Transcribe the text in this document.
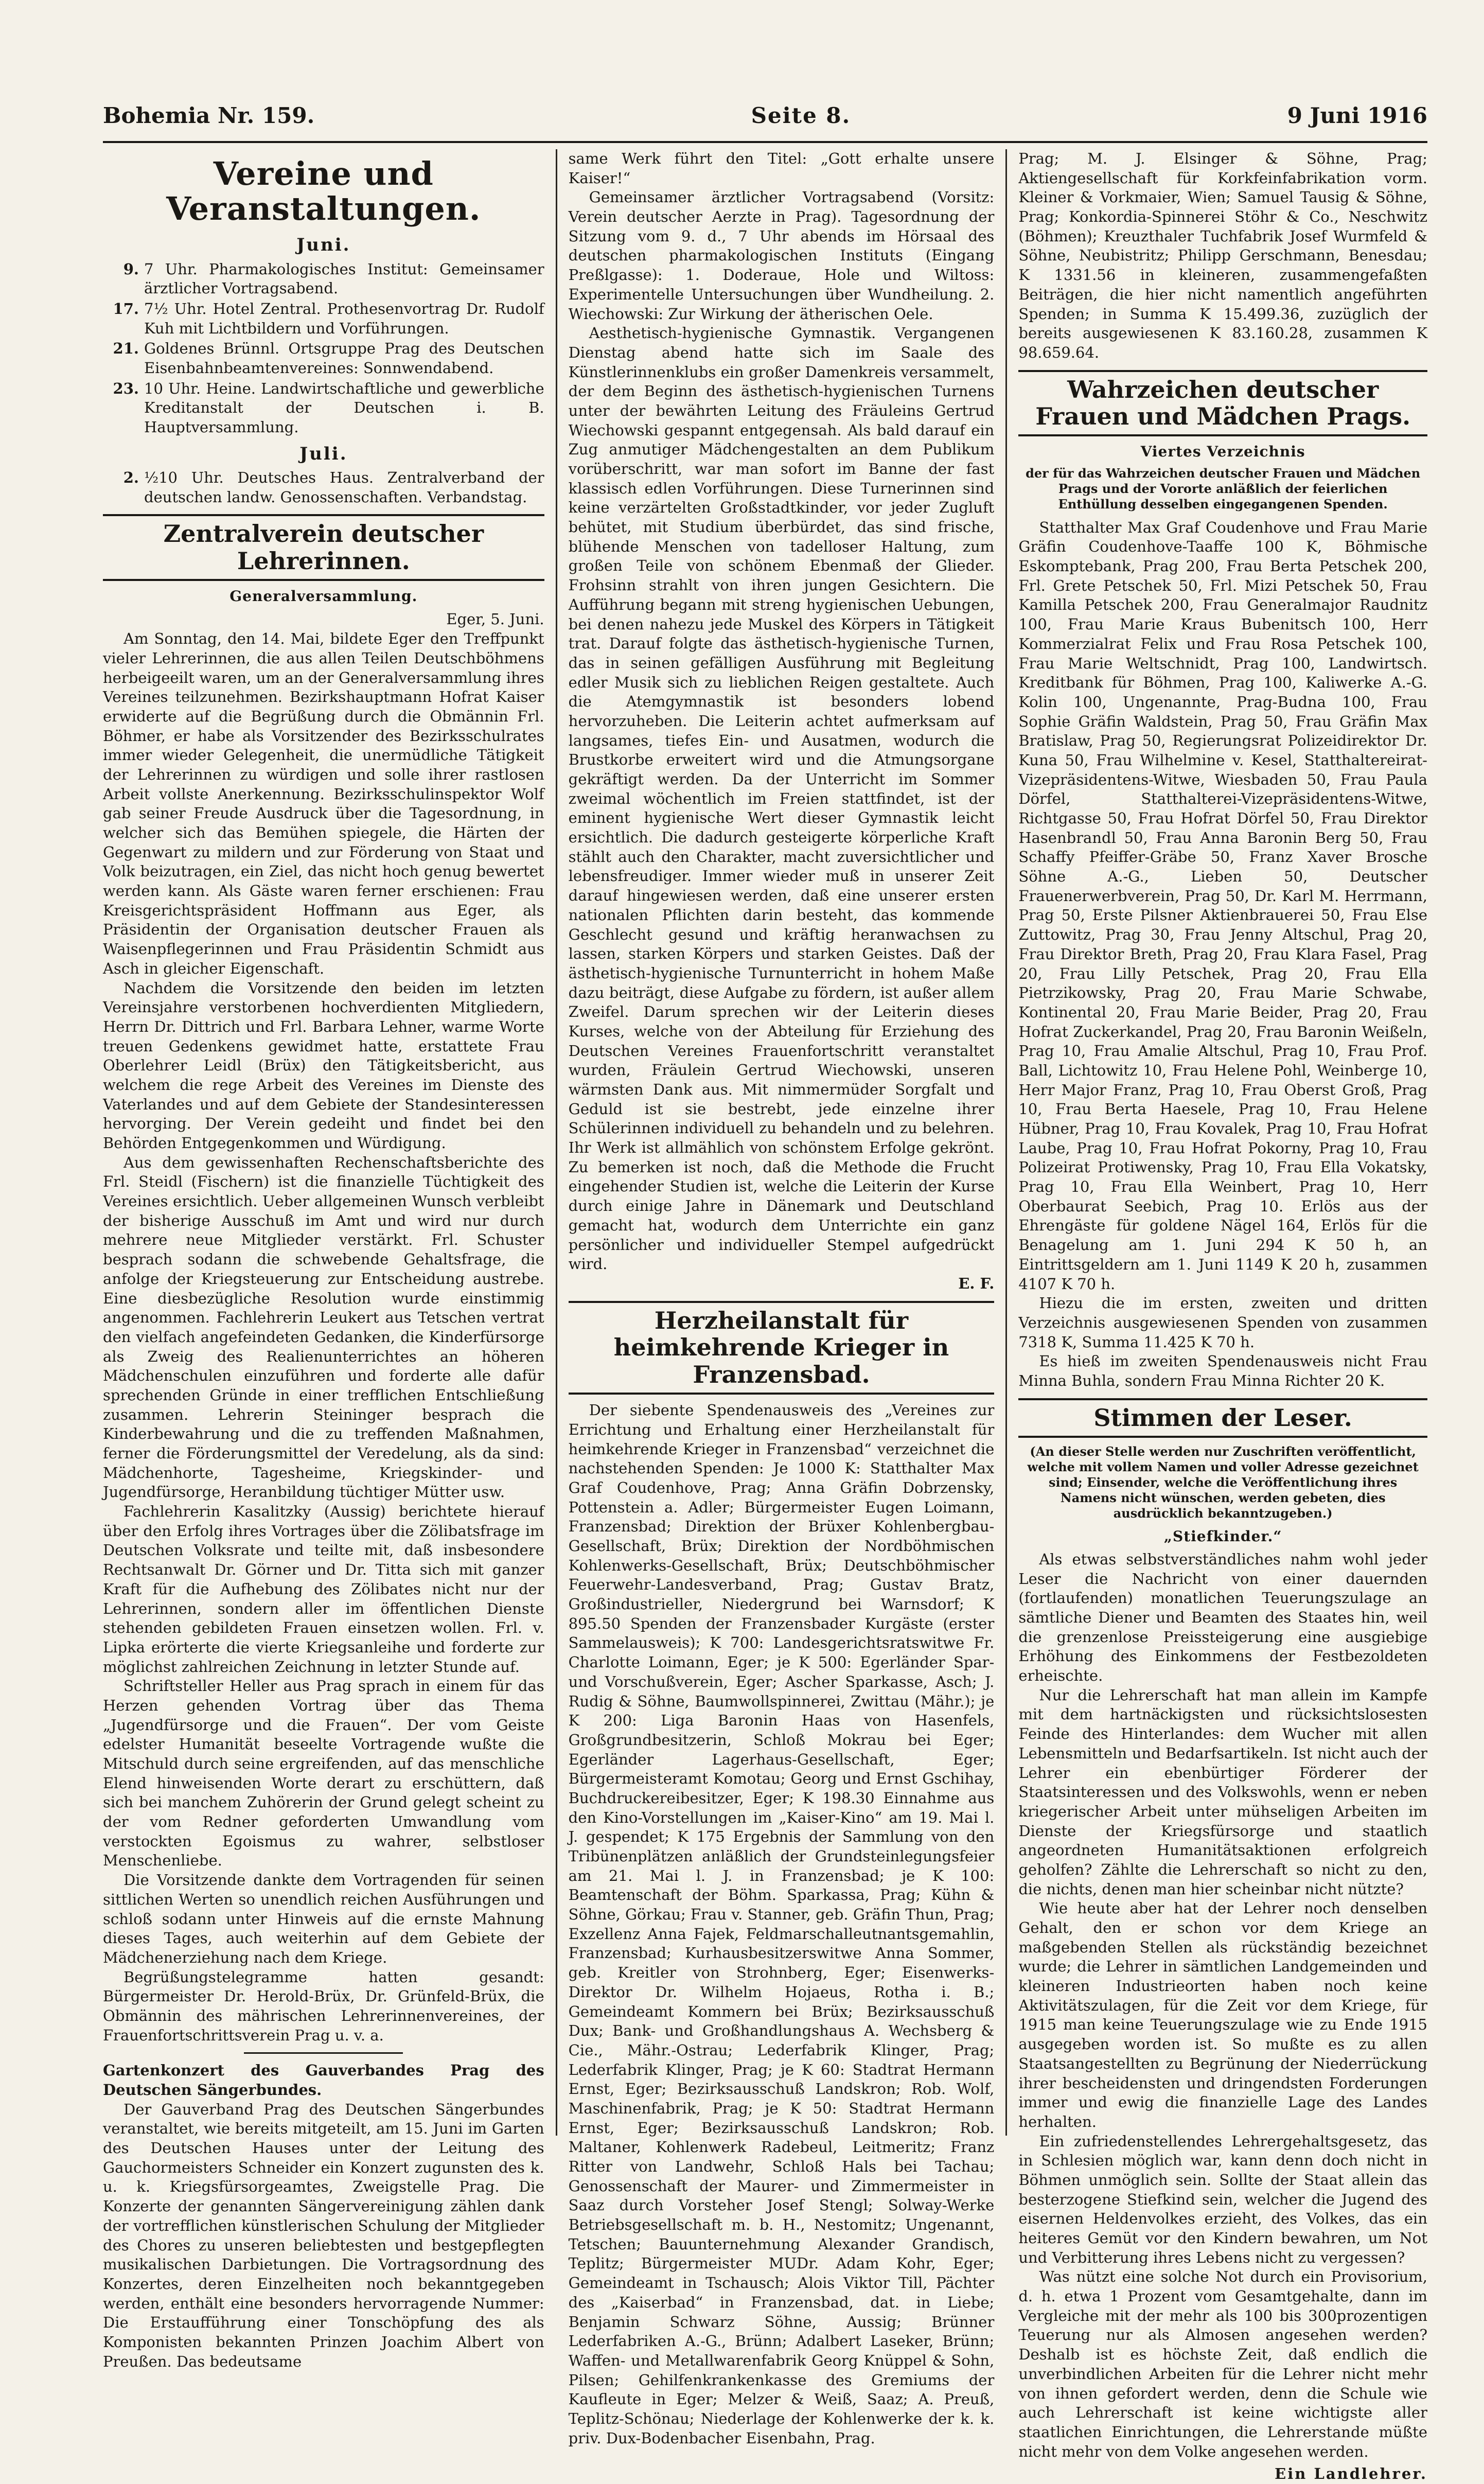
Bohemia Nr. 159.	Seite 8.	9 Juni 1916
Vereine und Veranstaltungen.
Juni.
9. 7 Uhr. Pharmakologisches Institut: Gemeinsamer ärztlicher Vortragsabend.
17. 7½ Uhr. Hotel Zentral. Prothesenvortrag Dr. Rudolf Kuh mit Lichtbildern und Vorführungen.
21. Goldenes Brünnl. Ortsgruppe Prag des Deutschen Eisenbahnbeamtenvereines: Sonnwendabend.
23. 10 Uhr. Heine. Landwirtschaftliche und gewerbliche Kreditanstalt der Deutschen i. B. Hauptversammlung.
Juli.
2. ½10 Uhr. Deutsches Haus. Zentralverband der deutschen landw. Genossenschaften. Verbandstag.
Zentralverein deutscher Lehrerinnen.
Generalversammlung.
Eger, 5. Juni.

Am Sonntag, den 14. Mai, bildete Eger den Treffpunkt vieler Lehrerinnen, die aus allen Teilen Deutschböhmens herbeigeeilt waren, um an der Generalversammlung ihres Vereines teilzunehmen. Bezirkshauptmann Hofrat Kaiser erwiderte auf die Begrüßung durch die Obmännin Frl. Böhmer, er habe als Vorsitzender des Bezirksschulrates immer wieder Gelegenheit, die unermüdliche Tätigkeit der Lehrerinnen zu würdigen und solle ihrer rastlosen Arbeit vollste Anerkennung. Bezirksschulinspektor Wolf gab seiner Freude Ausdruck über die Tagesordnung, in welcher sich das Bemühen spiegele, die Härten der Gegenwart zu mildern und zur Förderung von Staat und Volk beizutragen, ein Ziel, das nicht hoch genug bewertet werden kann. Als Gäste waren ferner erschienen: Frau Kreisgerichtspräsident Hoffmann aus Eger, als Präsidentin der Organisation deutscher Frauen als Waisenpflegerinnen und Frau Präsidentin Schmidt aus Asch in gleicher Eigenschaft.

Nachdem die Vorsitzende den beiden im letzten Vereinsjahre verstorbenen hochverdienten Mitgliedern, Herrn Dr. Dittrich und Frl. Barbara Lehner, warme Worte treuen Gedenkens gewidmet hatte, erstattete Frau Oberlehrer Leidl (Brüx) den Tätigkeitsbericht, aus welchem die rege Arbeit des Vereines im Dienste des Vaterlandes und auf dem Gebiete der Standesinteressen hervorging. Der Verein gedeiht und findet bei den Behörden Entgegenkommen und Würdigung.

Aus dem gewissenhaften Rechenschaftsberichte des Frl. Steidl (Fischern) ist die finanzielle Tüchtigkeit des Vereines ersichtlich. Ueber allgemeinen Wunsch verbleibt der bisherige Ausschuß im Amt und wird nur durch mehrere neue Mitglieder verstärkt. Frl. Schuster besprach sodann die schwebende Gehaltsfrage, die anfolge der Kriegsteuerung zur Entscheidung austrebe. Eine diesbezügliche Resolution wurde einstimmig angenommen. Fachlehrerin Leukert aus Tetschen vertrat den vielfach angefeindeten Gedanken, die Kinderfürsorge als Zweig des Realienunterrichtes an höheren Mädchenschulen einzuführen und forderte alle dafür sprechenden Gründe in einer trefflichen Entschließung zusammen. Lehrerin Steininger besprach die Kinderbewahrung und die zu treffenden Maßnahmen, ferner die Förderungsmittel der Veredelung, als da sind: Mädchenhorte, Tagesheime, Kriegskinder- und Jugendfürsorge, Heranbildung tüchtiger Mütter usw.

Fachlehrerin Kasalitzky (Aussig) berichtete hierauf über den Erfolg ihres Vortrages über die Zölibatsfrage im Deutschen Volksrate und teilte mit, daß insbesondere Rechtsanwalt Dr. Görner und Dr. Titta sich mit ganzer Kraft für die Aufhebung des Zölibates nicht nur der Lehrerinnen, sondern aller im öffentlichen Dienste stehenden gebildeten Frauen einsetzen wollen. Frl. v. Lipka erörterte die vierte Kriegsanleihe und forderte zur möglichst zahlreichen Zeichnung in letzter Stunde auf.

Schriftsteller Heller aus Prag sprach in einem für das Herzen gehenden Vortrag über das Thema „Jugendfürsorge und die Frauen“. Der vom Geiste edelster Humanität beseelte Vortragende wußte die Mitschuld durch seine ergreifenden, auf das menschliche Elend hinweisenden Worte derart zu erschüttern, daß sich bei manchem Zuhörerin der Grund gelegt scheint zu der vom Redner geforderten Umwandlung vom verstockten Egoismus zu wahrer, selbstloser Menschenliebe.

Die Vorsitzende dankte dem Vortragenden für seinen sittlichen Werten so unendlich reichen Ausführungen und schloß sodann unter Hinweis auf die ernste Mahnung dieses Tages, auch weiterhin auf dem Gebiete der Mädchenerziehung nach dem Kriege.

Begrüßungstelegramme hatten gesandt: Bürgermeister Dr. Herold-Brüx, Dr. Grünfeld-Brüx, die Obmännin des mährischen Lehrerinnenvereines, der Frauenfortschrittsverein Prag u. v. a.

Gartenkonzert des Gauverbandes Prag des Deutschen Sängerbundes.

Der Gauverband Prag des Deutschen Sängerbundes veranstaltet, wie bereits mitgeteilt, am 15. Juni im Garten des Deutschen Hauses unter der Leitung des Gauchormeisters Schneider ein Konzert zugunsten des k. u. k. Kriegsfürsorgeamtes, Zweigstelle Prag. Die Konzerte der genannten Sängervereinigung zählen dank der vortrefflichen künstlerischen Schulung der Mitglieder des Chores zu unseren beliebtesten und bestgepflegten musikalischen Darbietungen. Die Vortragsordnung des Konzertes, deren Einzelheiten noch bekanntgegeben werden, enthält eine besonders hervorragende Nummer: Die Erstaufführung einer Tonschöpfung des als Komponisten bekannten Prinzen Joachim Albert von Preußen. Das bedeutsame

same Werk führt den Titel: „Gott erhalte unsere Kaiser!“

Gemeinsamer ärztlicher Vortragsabend (Vorsitz: Verein deutscher Aerzte in Prag). Tagesordnung der Sitzung vom 9. d., 7 Uhr abends im Hörsaal des deutschen pharmakologischen Instituts (Eingang Preßlgasse): 1. Doderaue, Hole und Wiltoss: Experimentelle Untersuchungen über Wundheilung. 2. Wiechowski: Zur Wirkung der ätherischen Oele.

Aesthetisch-hygienische Gymnastik. Vergangenen Dienstag abend hatte sich im Saale des Künstlerinnenklubs ein großer Damenkreis versammelt, der dem Beginn des ästhetisch-hygienischen Turnens unter der bewährten Leitung des Fräuleins Gertrud Wiechowski gespannt entgegensah. Als bald darauf ein Zug anmutiger Mädchengestalten an dem Publikum vorüberschritt, war man sofort im Banne der fast klassisch edlen Vorführungen. Diese Turnerinnen sind keine verzärtelten Großstadtkinder, vor jeder Zugluft behütet, mit Studium überbürdet, das sind frische, blühende Menschen von tadelloser Haltung, zum großen Teile von schönem Ebenmaß der Glieder. Frohsinn strahlt von ihren jungen Gesichtern. Die Aufführung begann mit streng hygienischen Uebungen, bei denen nahezu jede Muskel des Körpers in Tätigkeit trat. Darauf folgte das ästhetisch-hygienische Turnen, das in seinen gefälligen Ausführung mit Begleitung edler Musik sich zu lieblichen Reigen gestaltete. Auch die Atemgymnastik ist besonders lobend hervorzuheben. Die Leiterin achtet aufmerksam auf langsames, tiefes Ein- und Ausatmen, wodurch die Brustkorbe erweitert wird und die Atmungsorgane gekräftigt werden. Da der Unterricht im Sommer zweimal wöchentlich im Freien stattfindet, ist der eminent hygienische Wert dieser Gymnastik leicht ersichtlich. Die dadurch gesteigerte körperliche Kraft stählt auch den Charakter, macht zuversichtlicher und lebensfreudiger. Immer wieder muß in unserer Zeit darauf hingewiesen werden, daß eine unserer ersten nationalen Pflichten darin besteht, das kommende Geschlecht gesund und kräftig heranwachsen zu lassen, starken Körpers und starken Geistes. Daß der ästhetisch-hygienische Turnunterricht in hohem Maße dazu beiträgt, diese Aufgabe zu fördern, ist außer allem Zweifel. Darum sprechen wir der Leiterin dieses Kurses, welche von der Abteilung für Erziehung des Deutschen Vereines Frauenfortschritt veranstaltet wurden, Fräulein Gertrud Wiechowski, unseren wärmsten Dank aus. Mit nimmermüder Sorgfalt und Geduld ist sie bestrebt, jede einzelne ihrer Schülerinnen individuell zu behandeln und zu belehren. Ihr Werk ist allmählich von schönstem Erfolge gekrönt. Zu bemerken ist noch, daß die Methode die Frucht eingehender Studien ist, welche die Leiterin der Kurse durch einige Jahre in Dänemark und Deutschland gemacht hat, wodurch dem Unterrichte ein ganz persönlicher und individueller Stempel aufgedrückt wird.

E. F.
Herzheilanstalt für heimkehrende Krieger in Franzensbad.

Der siebente Spendenausweis des „Vereines zur Errichtung und Erhaltung einer Herzheilanstalt für heimkehrende Krieger in Franzensbad“ verzeichnet die nachstehenden Spenden: Je 1000 K: Statthalter Max Graf Coudenhove, Prag; Anna Gräfin Dobrzensky, Pottenstein a. Adler; Bürgermeister Eugen Loimann, Franzensbad; Direktion der Brüxer Kohlenbergbau-Gesellschaft, Brüx; Direktion der Nordböhmischen Kohlenwerks-Gesellschaft, Brüx; Deutschböhmischer Feuerwehr-Landesverband, Prag; Gustav Bratz, Großindustrieller, Niedergrund bei Warnsdorf; K 895.50 Spenden der Franzensbader Kurgäste (erster Sammelausweis); K 700: Landesgerichtsratswitwe Fr. Charlotte Loimann, Eger; je K 500: Egerländer Spar- und Vorschußverein, Eger; Ascher Sparkasse, Asch; J. Rudig & Söhne, Baumwollspinnerei, Zwittau (Mähr.); je K 200: Liga Baronin Haas von Hasenfels, Großgrundbesitzerin, Schloß Mokrau bei Eger; Egerländer Lagerhaus-Gesellschaft, Eger; Bürgermeisteramt Komotau; Georg und Ernst Gschihay, Buchdruckereibesitzer, Eger; K 198.30 Einnahme aus den Kino-Vorstellungen im „Kaiser-Kino“ am 19. Mai l. J. gespendet; K 175 Ergebnis der Sammlung von den Tribünenplätzen anläßlich der Grundsteinlegungsfeier am 21. Mai l. J. in Franzensbad; je K 100: Beamtenschaft der Böhm. Sparkassa, Prag; Kühn & Söhne, Görkau; Frau v. Stanner, geb. Gräfin Thun, Prag; Exzellenz Anna Fajek, Feldmarschalleutnantsgemahlin, Franzensbad; Kurhausbesitzerswitwe Anna Sommer, geb. Kreitler von Strohnberg, Eger; Eisenwerks-Direktor Dr. Wilhelm Hojaeus, Rotha i. B.; Gemeindeamt Kommern bei Brüx; Bezirksausschuß Dux; Bank- und Großhandlungshaus A. Wechsberg & Cie., Mähr.-Ostrau; Lederfabrik Klinger, Prag; Lederfabrik Klinger, Prag; je K 60: Stadtrat Hermann Ernst, Eger; Bezirksausschuß Landskron; Rob. Wolf, Maschinenfabrik, Prag; je K 50: Stadtrat Hermann Ernst, Eger; Bezirksausschuß Landskron; Rob. Maltaner, Kohlenwerk Radebeul, Leitmeritz; Franz Ritter von Landwehr, Schloß Hals bei Tachau; Genossenschaft der Maurer- und Zimmermeister in Saaz durch Vorsteher Josef Stengl; Solway-Werke Betriebsgesellschaft m. b. H., Nestomitz; Ungenannt, Tetschen; Bauunternehmung Alexander Grandisch, Teplitz; Bürgermeister MUDr. Adam Kohr, Eger; Gemeindeamt in Tschausch; Alois Viktor Till, Pächter des „Kaiserbad“ in Franzensbad, dat. in Liebe; Benjamin Schwarz Söhne, Aussig; Brünner Lederfabriken A.-G., Brünn; Adalbert Laseker, Brünn; Waffen- und Metallwarenfabrik Georg Knüppel & Sohn, Pilsen; Gehilfenkrankenkasse des Gremiums der Kaufleute in Eger; Melzer & Weiß, Saaz; A. Preuß, Teplitz-Schönau; Niederlage der Kohlenwerke der k. k. priv. Dux-Bodenbacher Eisenbahn, Prag.

Prag; M. J. Elsinger & Söhne, Prag; Aktiengesellschaft für Korkfeinfabrikation vorm. Kleiner & Vorkmaier, Wien; Samuel Tausig & Söhne, Prag; Konkordia-Spinnerei Stöhr & Co., Neschwitz (Böhmen); Kreuzthaler Tuchfabrik Josef Wurmfeld & Söhne, Neubistritz; Philipp Gerschmann, Benesdau; K 1331.56 in kleineren, zusammengefaßten Beiträgen, die hier nicht namentlich angeführten Spenden; in Summa K 15.499.36, zuzüglich der bereits ausgewiesenen K 83.160.28, zusammen K 98.659.64.

Wahrzeichen deutscher Frauen und Mädchen Prags.
Viertes Verzeichnis
der für das Wahrzeichen deutscher Frauen und Mädchen Prags und der Vororte anläßlich der feierlichen Enthüllung desselben eingegangenen Spenden.

Statthalter Max Graf Coudenhove und Frau Marie Gräfin Coudenhove-Taaffe 100 K, Böhmische Eskomptebank, Prag 200, Frau Berta Petschek 200, Frl. Grete Petschek 50, Frl. Mizi Petschek 50, Frau Kamilla Petschek 200, Frau Generalmajor Raudnitz 100, Frau Marie Kraus Bubenitsch 100, Herr Kommerzialrat Felix und Frau Rosa Petschek 100, Frau Marie Weltschnidt, Prag 100, Landwirtsch. Kreditbank für Böhmen, Prag 100, Kaliwerke A.-G. Kolin 100, Ungenannte, Prag-Budna 100, Frau Sophie Gräfin Waldstein, Prag 50, Frau Gräfin Max Bratislaw, Prag 50, Regierungsrat Polizeidirektor Dr. Kuna 50, Frau Wilhelmine v. Kesel, Statthaltereirat-Vizepräsidentens-Witwe, Wiesbaden 50, Frau Paula Dörfel, Statthalterei-Vizepräsidentens-Witwe, Richtgasse 50, Frau Hofrat Dörfel 50, Frau Direktor Hasenbrandl 50, Frau Anna Baronin Berg 50, Frau Schaffy Pfeiffer-Gräbe 50, Franz Xaver Brosche Söhne A.-G., Lieben 50, Deutscher Frauenerwerbverein, Prag 50, Dr. Karl M. Herrmann, Prag 50, Erste Pilsner Aktienbrauerei 50, Frau Else Zuttowitz, Prag 30, Frau Jenny Altschul, Prag 20, Frau Direktor Breth, Prag 20, Frau Klara Fasel, Prag 20, Frau Lilly Petschek, Prag 20, Frau Ella Pietrzikowsky, Prag 20, Frau Marie Schwabe, Kontinental 20, Frau Marie Beider, Prag 20, Frau Hofrat Zuckerkandel, Prag 20, Frau Baronin Weißeln, Prag 10, Frau Amalie Altschul, Prag 10, Frau Prof. Ball, Lichtowitz 10, Frau Helene Pohl, Weinberge 10, Herr Major Franz, Prag 10, Frau Oberst Groß, Prag 10, Frau Berta Haesele, Prag 10, Frau Helene Hübner, Prag 10, Frau Kovalek, Prag 10, Frau Hofrat Laube, Prag 10, Frau Hofrat Pokorny, Prag 10, Frau Polizeirat Protiwensky, Prag 10, Frau Ella Vokatsky, Prag 10, Frau Ella Weinbert, Prag 10, Herr Oberbaurat Seebich, Prag 10. Erlös aus der Ehrengäste für goldene Nägel 164, Erlös für die Benagelung am 1. Juni 294 K 50 h, an Eintrittsgeldern am 1. Juni 1149 K 20 h, zusammen 4107 K 70 h.

Hiezu die im ersten, zweiten und dritten Verzeichnis ausgewiesenen Spenden von zusammen 7318 K, Summa 11.425 K 70 h.

Es hieß im zweiten Spendenausweis nicht Frau Minna Buhla, sondern Frau Minna Richter 20 K.

Stimmen der Leser.
(An dieser Stelle werden nur Zuschriften veröffentlicht, welche mit vollem Namen und voller Adresse gezeichnet sind; Einsender, welche die Veröffentlichung ihres Namens nicht wünschen, werden gebeten, dies ausdrücklich bekanntzugeben.)
„Stiefkinder.“

Als etwas selbstverständliches nahm wohl jeder Leser die Nachricht von einer dauernden (fortlaufenden) monatlichen Teuerungszulage an sämtliche Diener und Beamten des Staates hin, weil die grenzenlose Preissteigerung eine ausgiebige Erhöhung des Einkommens der Festbezoldeten erheischte.

Nur die Lehrerschaft hat man allein im Kampfe mit dem hartnäckigsten und rücksichtslosesten Feinde des Hinterlandes: dem Wucher mit allen Lebensmitteln und Bedarfsartikeln. Ist nicht auch der Lehrer ein ebenbürtiger Förderer der Staatsinteressen und des Volkswohls, wenn er neben kriegerischer Arbeit unter mühseligen Arbeiten im Dienste der Kriegsfürsorge und staatlich angeordneten Humanitätsaktionen erfolgreich geholfen? Zählte die Lehrerschaft so nicht zu den, die nichts, denen man hier scheinbar nicht nützte?

Wie heute aber hat der Lehrer noch denselben Gehalt, den er schon vor dem Kriege an maßgebenden Stellen als rückständig bezeichnet wurde; die Lehrer in sämtlichen Landgemeinden und kleineren Industrieorten haben noch keine Aktivitätszulagen, für die Zeit vor dem Kriege, für 1915 man keine Teuerungszulage wie zu Ende 1915 ausgegeben worden ist. So mußte es zu allen Staatsangestellten zu Begrünung der Niederrückung ihrer bescheidensten und dringendsten Forderungen immer und ewig die finanzielle Lage des Landes herhalten.

Ein zufriedenstellendes Lehrergehaltsgesetz, das in Schlesien möglich war, kann denn doch nicht in Böhmen unmöglich sein. Sollte der Staat allein das besterzogene Stiefkind sein, welcher die Jugend des eisernen Heldenvolkes erzieht, des Volkes, das ein heiteres Gemüt vor den Kindern bewahren, um Not und Verbitterung ihres Lebens nicht zu vergessen?

Was nützt eine solche Not durch ein Provisorium, d. h. etwa 1 Prozent vom Gesamtgehalte, dann im Vergleiche mit der mehr als 100 bis 300prozentigen Teuerung nur als Almosen angesehen werden? Deshalb ist es höchste Zeit, daß endlich die unverbindlichen Arbeiten für die Lehrer nicht mehr von ihnen gefordert werden, denn die Schule wie auch Lehrerschaft ist keine wichtigste aller staatlichen Einrichtungen, die Lehrerstande müßte nicht mehr von dem Volke angesehen werden.

Ein Landlehrer.
